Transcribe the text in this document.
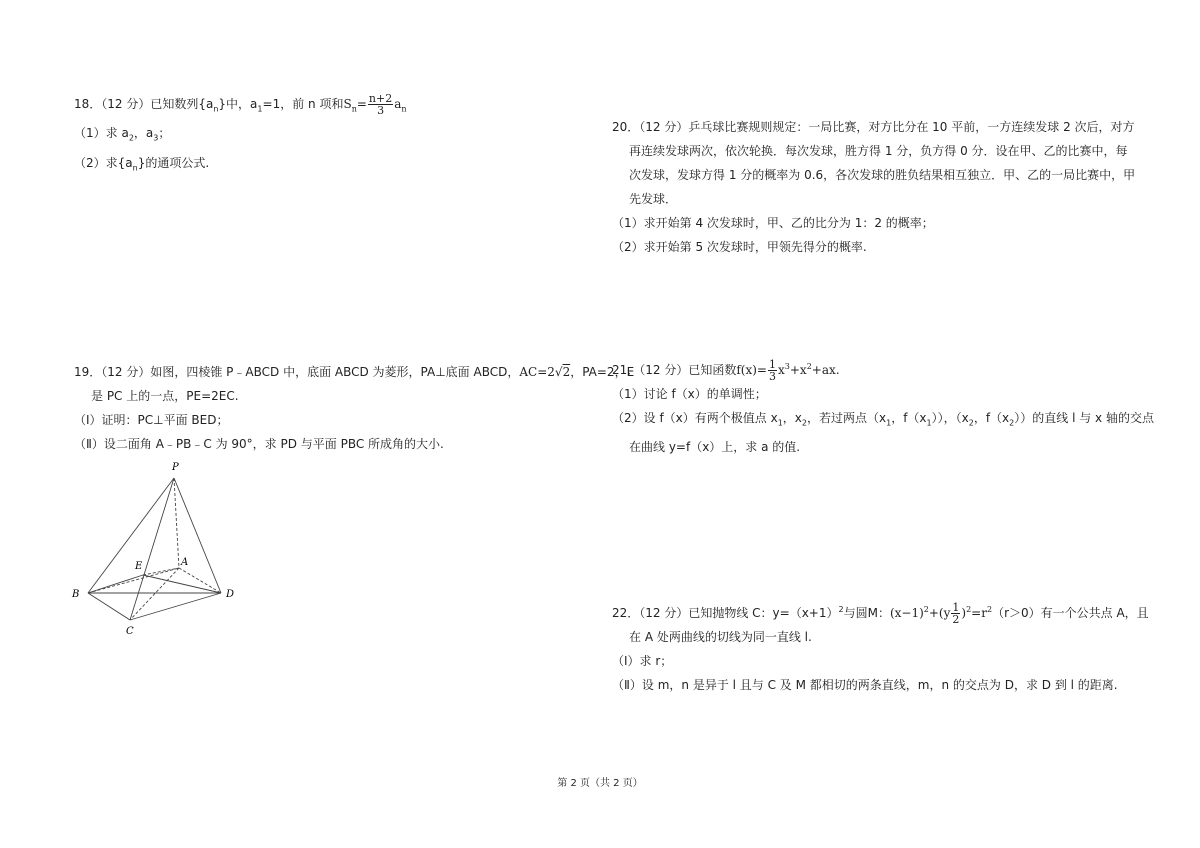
18．（12 分）已知数列$\{a_n\}$中，$a_1=1$，前 n 项和$S_n= \frac{n+2}{3} a_n$

（1）求 $a_2$，$a_3$；

（2）求$\{a_n\}$的通项公式.

19．（12 分）如图，四棱锥 P﹣ABCD 中，底面 ABCD 为菱形，PA⊥底面 ABCD，AC=2√2，PA=2，E

是 PC 上的一点，PE=2EC.

（Ⅰ）证明：PC⊥平面 BED；

（Ⅱ）设二面角 A﹣PB﹣C 为 90°，求 PD 与平面 PBC 所成角的大小.

P
A
B
C
D
E

20．（12 分）乒乓球比赛规则规定：一局比赛，对方比分在 10 平前，一方连续发球 2 次后，对方

再连续发球两次，依次轮换．每次发球，胜方得 1 分，负方得 0 分．设在甲、乙的比赛中，每

次发球，发球方得 1 分的概率为 0.6，各次发球的胜负结果相互独立．甲、乙的一局比赛中，甲

先发球．

（1）求开始第 4 次发球时，甲、乙的比分为 1：2 的概率；

（2）求开始第 5 次发球时，甲领先得分的概率.

21．（12 分）已知函数$f(x)= \frac{1}{3} x^3+x^2+ax$.

（1）讨论 f（x）的单调性；

（2）设 f（x）有两个极值点 $x_1$，$x_2$，若过两点（$x_1$，$f(x_1)$），（$x_2$，$f(x_2)$）的直线 l 与 x 轴的交点

在曲线 y=f（x）上，求 a 的值.

22．（12 分）已知抛物线 C：$y=(x+1)^2$与圆M：$(x-1)^2+(y \frac{1}{2} )^2=r^2(r>0)$有一个公共点 A，且

在 A 处两曲线的切线为同一直线 l.

（Ⅰ）求 r；

（Ⅱ）设 m，n 是异于 l 且与 C 及 M 都相切的两条直线，m，n 的交点为 D，求 D 到 l 的距离.

第 2 页（共 2 页）
